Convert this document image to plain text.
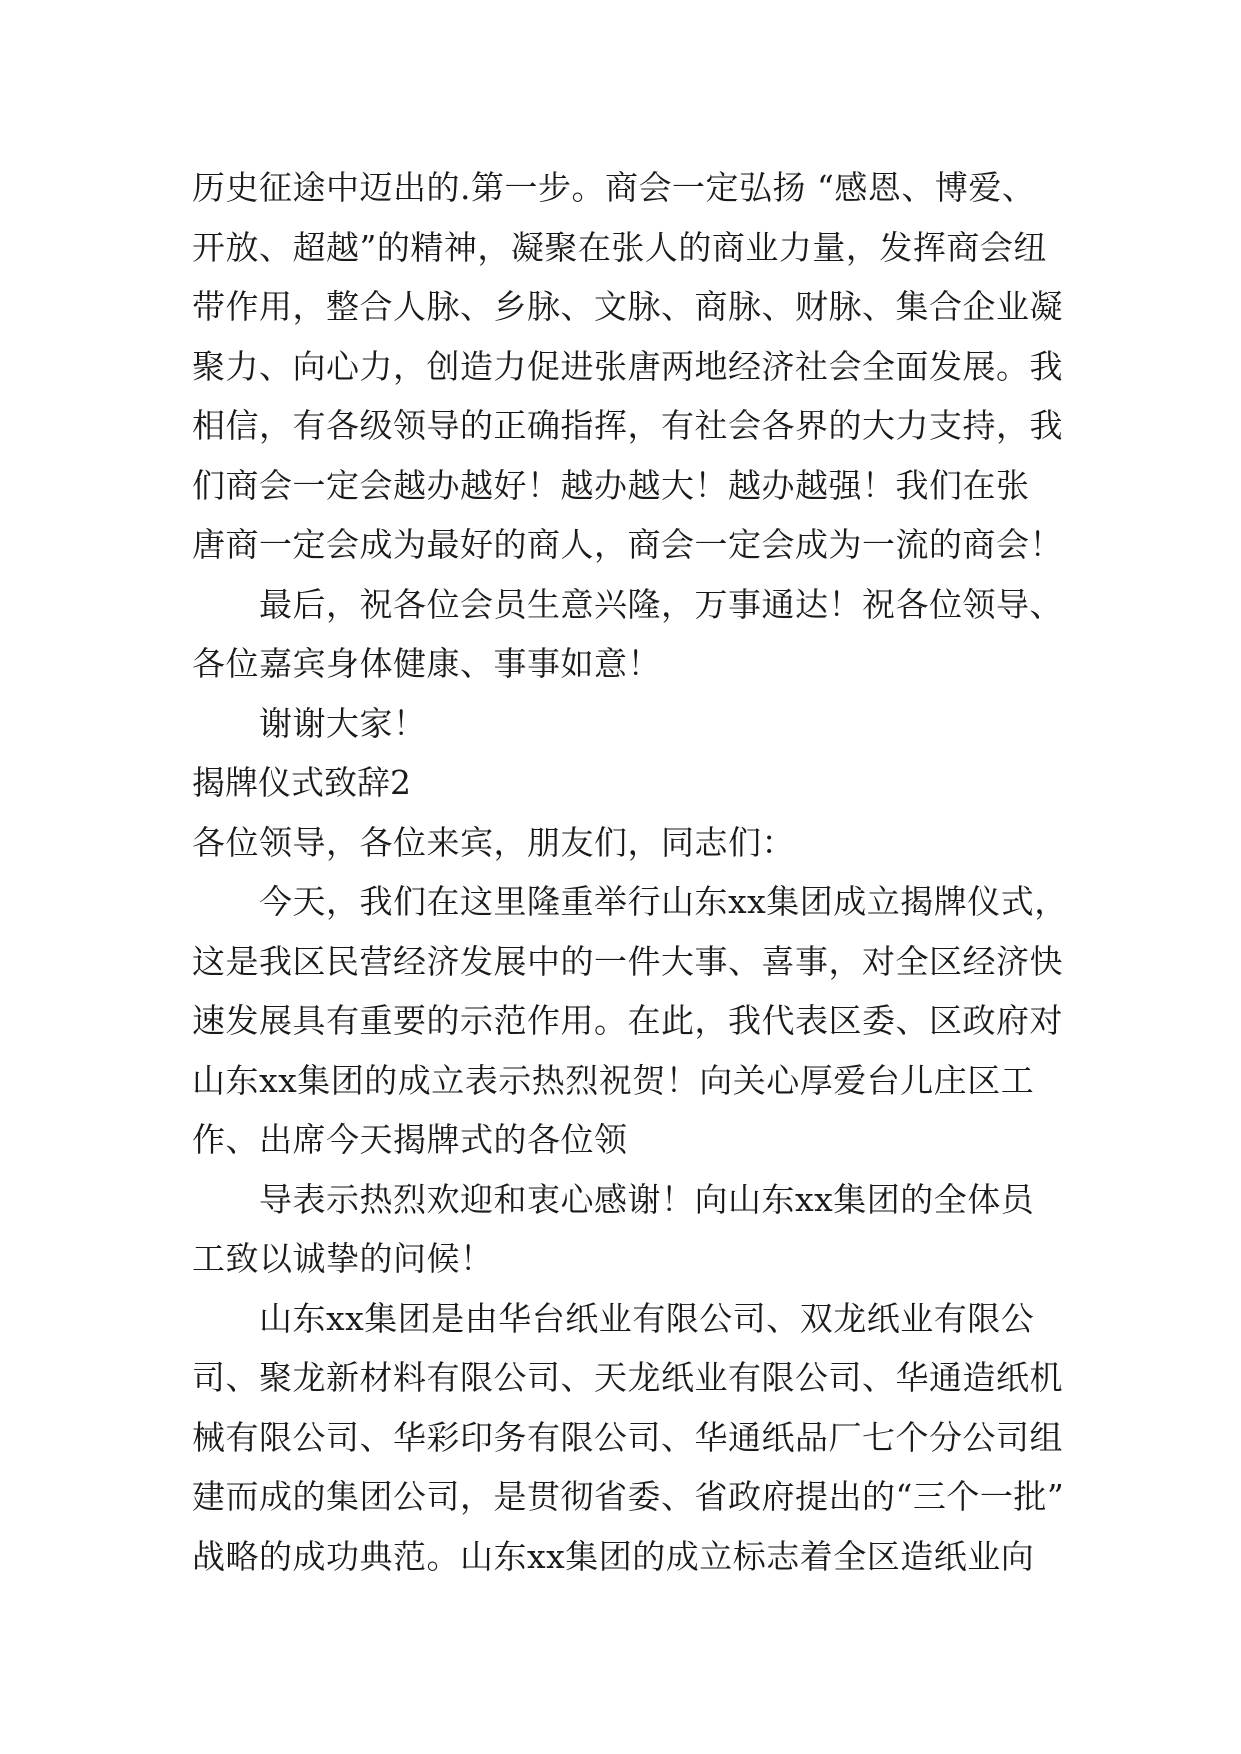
历史征途中迈出的.第一步。商会一定弘扬 “感恩、博爱、
开放、超越”的精神，凝聚在张人的商业力量，发挥商会纽
带作用，整合人脉、乡脉、文脉、商脉、财脉、集合企业凝
聚力、向心力，创造力促进张唐两地经济社会全面发展。我
相信，有各级领导的正确指挥，有社会各界的大力支持，我
们商会一定会越办越好！越办越大！越办越强！我们在张
唐商一定会成为最好的商人，商会一定会成为一流的商会！
　　最后，祝各位会员生意兴隆，万事通达！祝各位领导、
各位嘉宾身体健康、事事如意！
　　谢谢大家！
揭牌仪式致辞2
各位领导，各位来宾，朋友们，同志们：
　　今天，我们在这里隆重举行山东xx集团成立揭牌仪式，
这是我区民营经济发展中的一件大事、喜事，对全区经济快
速发展具有重要的示范作用。在此，我代表区委、区政府对
山东xx集团的成立表示热烈祝贺！向关心厚爱台儿庄区工
作、出席今天揭牌式的各位领
　　导表示热烈欢迎和衷心感谢！向山东xx集团的全体员
工致以诚挚的问候！
　　山东xx集团是由华台纸业有限公司、双龙纸业有限公
司、聚龙新材料有限公司、天龙纸业有限公司、华通造纸机
械有限公司、华彩印务有限公司、华通纸品厂七个分公司组
建而成的集团公司，是贯彻省委、省政府提出的“三个一批”
战略的成功典范。山东xx集团的成立标志着全区造纸业向
